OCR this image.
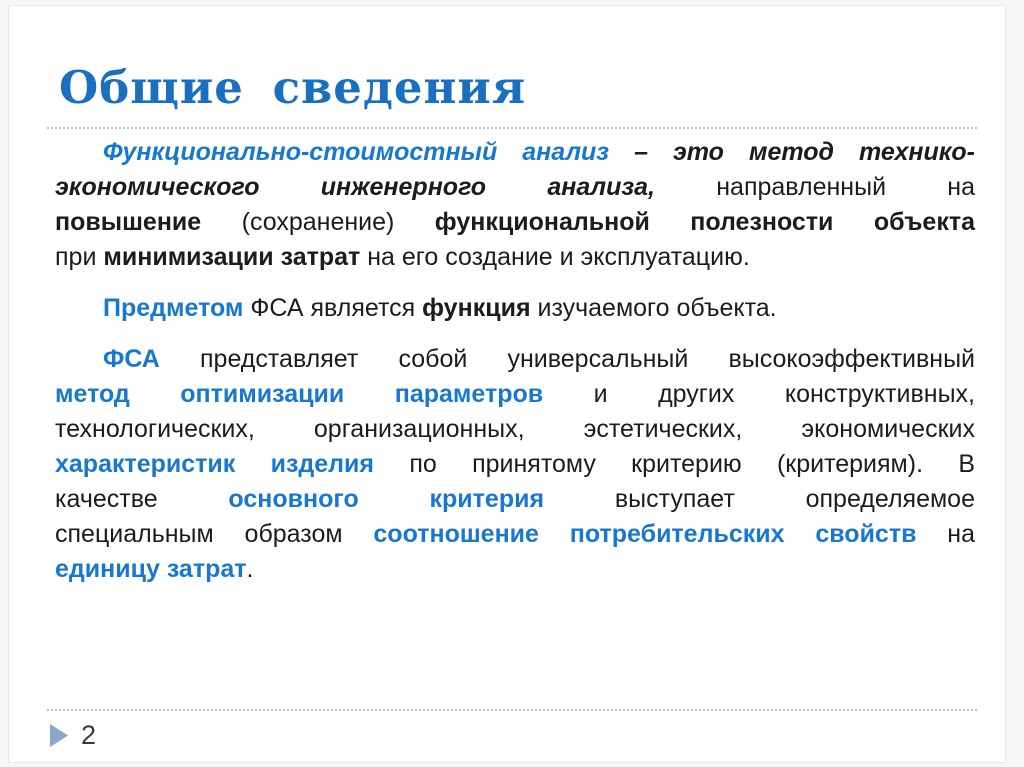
Общие сведения
Функционально-стоимостный анализ – это метод технико-
экономического инженерного анализа, направленный на
повышение (сохранение) функциональной полезности объекта
при минимизации затрат на его создание и эксплуатацию.
Предметом ФСА является функция изучаемого объекта.
ФСА представляет собой универсальный высокоэффективный
метод оптимизации параметров и других конструктивных,
технологических, организационных, эстетических, экономических
характеристик изделия по принятому критерию (критериям). В
качестве	основного критерия	выступает определяемое
специальным образом соотношение потребительских свойств на
единицу затрат.
2
